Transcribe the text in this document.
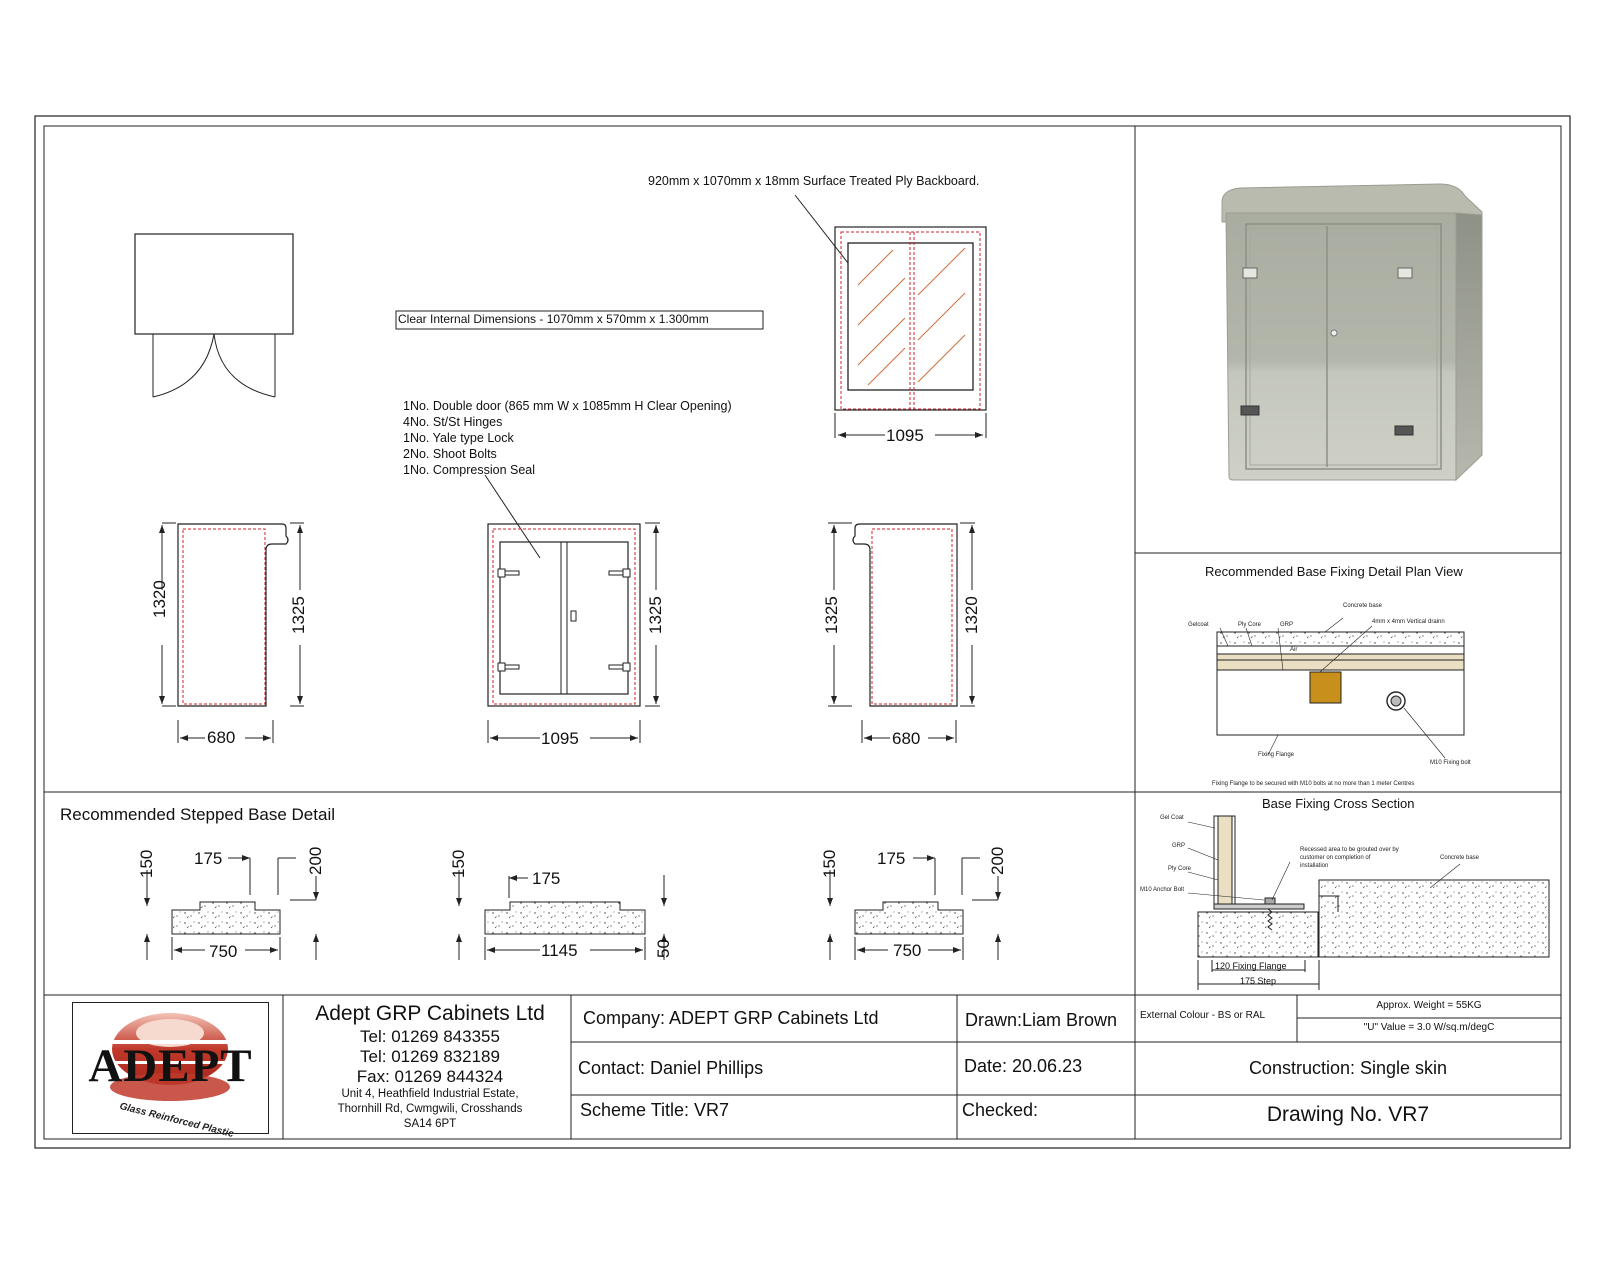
920mm x 1070mm x 18mm Surface Treated Ply Backboard.
Clear Internal Dimensions - 1070mm x 570mm x 1.300mm
1No. Double door (865 mm W x 1085mm H Clear Opening)
4No. St/St Hinges
1No. Yale type Lock
2No. Shoot Bolts
1No. Compression Seal
1095
680
1320	1325
1095
1325	1325	1320
680
Recommended Stepped Base Detail
150 175	200
750
150
175
1145	50
150 175	200
750
Recommended Base Fixing Detail Plan View
Concrete base
4mm x 4mm Vertical drainn
Gelcoat	Ply Core	GRP
Air
Fixing Flange
M10 Fixing bolt
Fixing Flange to be secured with M10 bolts at no more than 1 meter Centres
Base Fixing Cross Section
Gel Coat
GRP
Ply Core
M10 Anchor Bolt
Recessed area to be grouted over by customer on completion of installation
Concrete base
120 Fixing Flange
175 Step
ADEPT
Glass Reinforced Plastic
Adept GRP Cabinets Ltd
Tel: 01269 843355
Tel: 01269 832189
Fax: 01269 844324
Unit 4, Heathfield Industrial Estate,
Thornhill Rd, Cwmgwili, Crosshands
SA14 6PT
Company: ADEPT GRP Cabinets Ltd
Contact: Daniel Phillips
Scheme Title: VR7
Drawn:Liam Brown
Date: 20.06.23
Checked:
External Colour - BS or RAL
Approx. Weight = 55KG
"U" Value = 3.0 W/sq.m/degC
Construction: Single skin
Drawing No. VR7
